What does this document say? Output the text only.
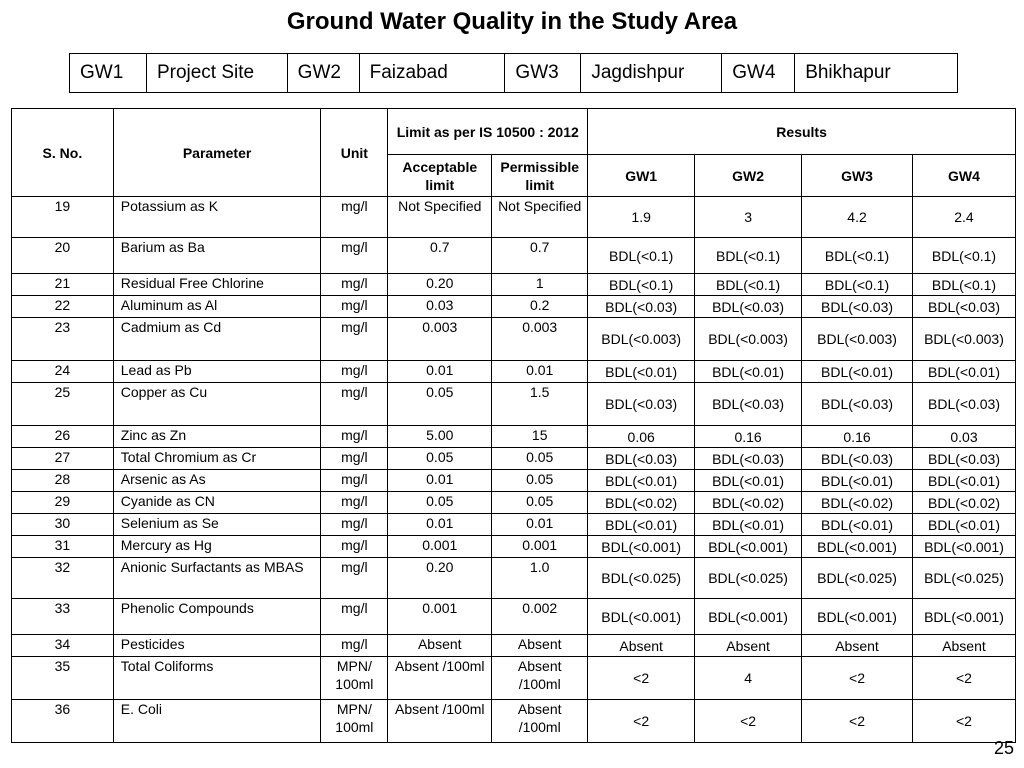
Ground Water Quality in the Study Area
GW1	Project Site	GW2	Faizabad	GW3	Jagdishpur	GW4	Bhikhapur
S. No.	Parameter	Unit	Limit as per IS 10500 : 2012		Results			
			Acceptable limit	Permissible limit	GW1	GW2	GW3	GW4
19	Potassium as K	mg/l	Not Specified	Not Specified	1.9	3	4.2	2.4
20	Barium as Ba	mg/l	0.7	0.7	BDL(<0.1)	BDL(<0.1)	BDL(<0.1)	BDL(<0.1)
21	Residual Free Chlorine	mg/l	0.20	1	BDL(<0.1)	BDL(<0.1)	BDL(<0.1)	BDL(<0.1)
22	Aluminum as Al	mg/l	0.03	0.2	BDL(<0.03)	BDL(<0.03)	BDL(<0.03)	BDL(<0.03)
23	Cadmium as Cd	mg/l	0.003	0.003	BDL(<0.003)	BDL(<0.003)	BDL(<0.003)	BDL(<0.003)
24	Lead as Pb	mg/l	0.01	0.01	BDL(<0.01)	BDL(<0.01)	BDL(<0.01)	BDL(<0.01)
25	Copper as Cu	mg/l	0.05	1.5	BDL(<0.03)	BDL(<0.03)	BDL(<0.03)	BDL(<0.03)
26	Zinc as Zn	mg/l	5.00	15	0.06	0.16	0.16	0.03
27	Total Chromium as Cr	mg/l	0.05	0.05	BDL(<0.03)	BDL(<0.03)	BDL(<0.03)	BDL(<0.03)
28	Arsenic as As	mg/l	0.01	0.05	BDL(<0.01)	BDL(<0.01)	BDL(<0.01)	BDL(<0.01)
29	Cyanide as CN	mg/l	0.05	0.05	BDL(<0.02)	BDL(<0.02)	BDL(<0.02)	BDL(<0.02)
30	Selenium as Se	mg/l	0.01	0.01	BDL(<0.01)	BDL(<0.01)	BDL(<0.01)	BDL(<0.01)
31	Mercury as Hg	mg/l	0.001	0.001	BDL(<0.001)	BDL(<0.001)	BDL(<0.001)	BDL(<0.001)
32	Anionic Surfactants as MBAS	mg/l	0.20	1.0	BDL(<0.025)	BDL(<0.025)	BDL(<0.025)	BDL(<0.025)
33	Phenolic Compounds	mg/l	0.001	0.002	BDL(<0.001)	BDL(<0.001)	BDL(<0.001)	BDL(<0.001)
34	Pesticides	mg/l	Absent	Absent	Absent	Absent	Absent	Absent
35	Total Coliforms	MPN/ 100ml	Absent /100ml	Absent /100ml	<2	4	<2	<2
36	E. Coli	MPN/ 100ml	Absent /100ml	Absent /100ml	<2	<2	<2	<2
25
